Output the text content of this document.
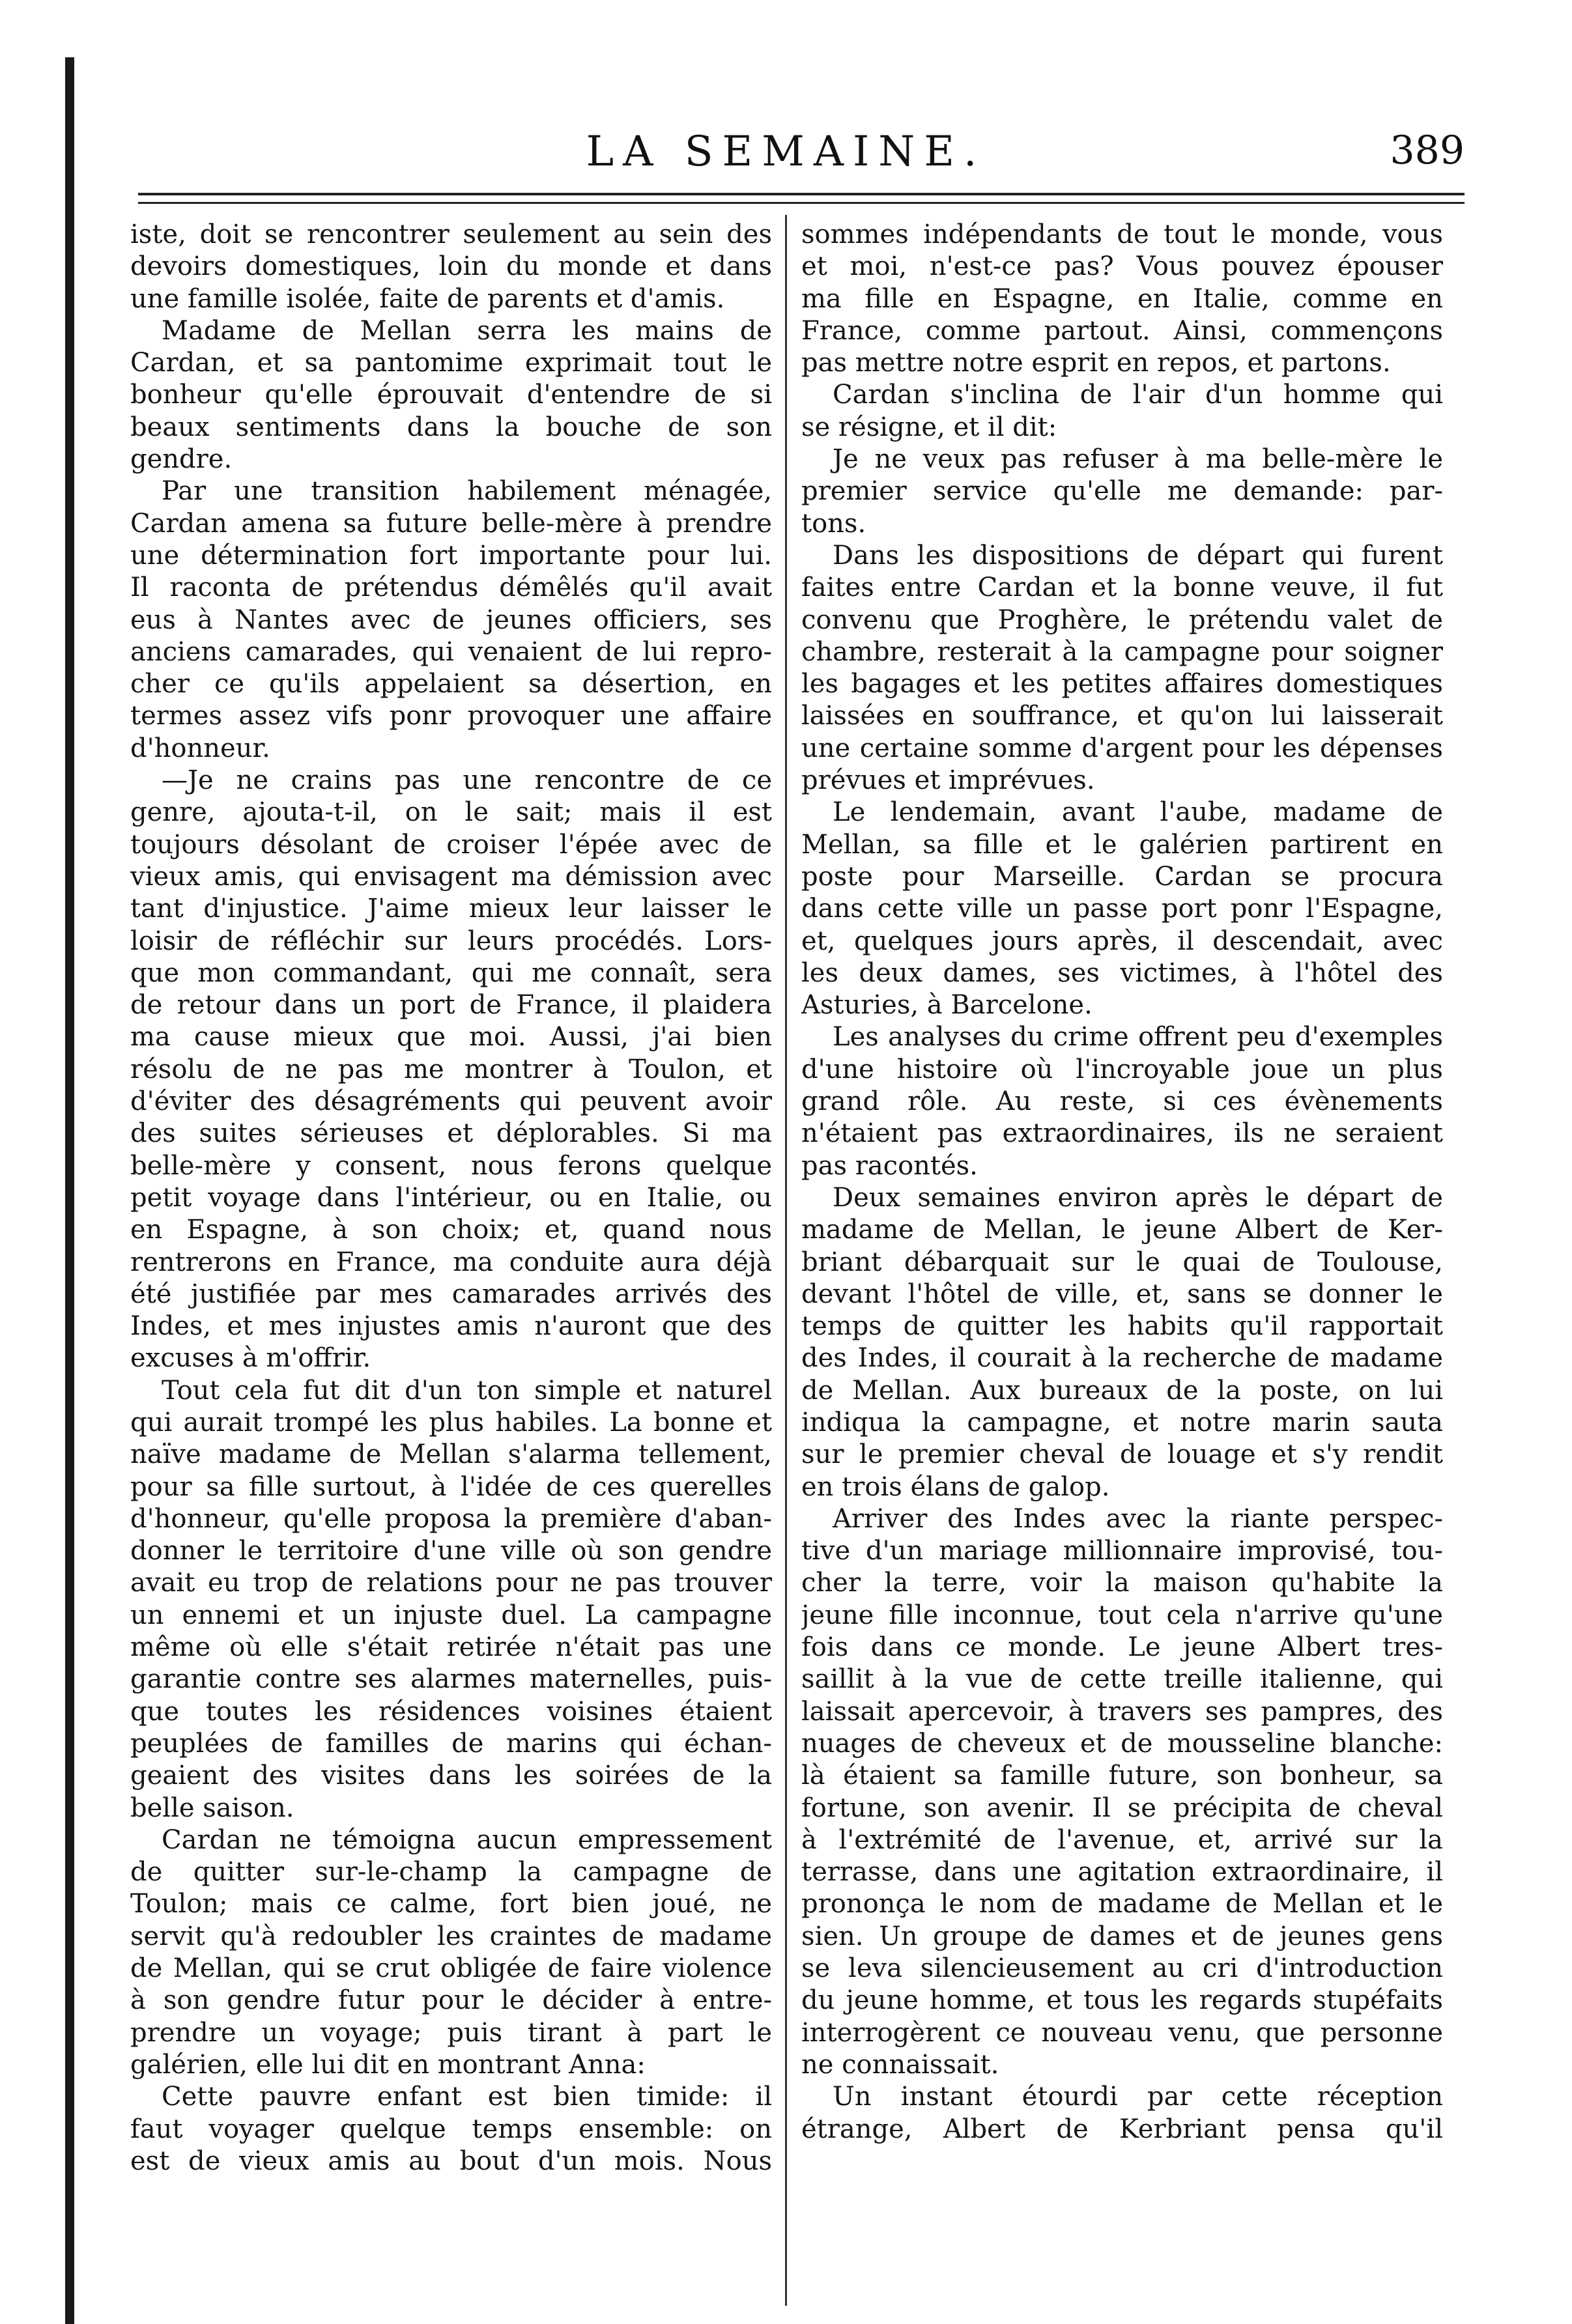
LA SEMAINE.	389

iste, doit se rencontrer seulement au sein des

devoirs domestiques, loin du monde et dans

une famille isolée, faite de parents et d'amis.

Madame de Mellan serra les mains de

Cardan, et sa pantomime exprimait tout le

bonheur qu'elle éprouvait d'entendre de si

beaux sentiments dans la bouche de son

gendre.

Par une transition habilement ménagée,

Cardan amena sa future belle-mère à prendre

une détermination fort importante pour lui.

Il raconta de prétendus démêlés qu'il avait

eus à Nantes avec de jeunes officiers, ses

anciens camarades, qui venaient de lui repro-

cher ce qu'ils appelaient sa désertion, en

termes assez vifs ponr provoquer une affaire

d'honneur.

—Je ne crains pas une rencontre de ce

genre, ajouta-t-il, on le sait; mais il est

toujours désolant de croiser l'épée avec de

vieux amis, qui envisagent ma démission avec

tant d'injustice. J'aime mieux leur laisser le

loisir de réfléchir sur leurs procédés. Lors-

que mon commandant, qui me connaît, sera

de retour dans un port de France, il plaidera

ma cause mieux que moi. Aussi, j'ai bien

résolu de ne pas me montrer à Toulon, et

d'éviter des désagréments qui peuvent avoir

des suites sérieuses et déplorables. Si ma

belle-mère y consent, nous ferons quelque

petit voyage dans l'intérieur, ou en Italie, ou

en Espagne, à son choix; et, quand nous

rentrerons en France, ma conduite aura déjà

été justifiée par mes camarades arrivés des

Indes, et mes injustes amis n'auront que des

excuses à m'offrir.

Tout cela fut dit d'un ton simple et naturel

qui aurait trompé les plus habiles. La bonne et

naïve madame de Mellan s'alarma tellement,

pour sa fille surtout, à l'idée de ces querelles

d'honneur, qu'elle proposa la première d'aban-

donner le territoire d'une ville où son gendre

avait eu trop de relations pour ne pas trouver

un ennemi et un injuste duel. La campagne

même où elle s'était retirée n'était pas une

garantie contre ses alarmes maternelles, puis-

que toutes les résidences voisines étaient

peuplées de familles de marins qui échan-

geaient des visites dans les soirées de la

belle saison.

Cardan ne témoigna aucun empressement

de quitter sur-le-champ la campagne de

Toulon; mais ce calme, fort bien joué, ne

servit qu'à redoubler les craintes de madame

de Mellan, qui se crut obligée de faire violence

à son gendre futur pour le décider à entre-

prendre un voyage; puis tirant à part le

galérien, elle lui dit en montrant Anna:

Cette pauvre enfant est bien timide: il

faut voyager quelque temps ensemble: on

est de vieux amis au bout d'un mois. Nous

sommes indépendants de tout le monde, vous

et moi, n'est-ce pas? Vous pouvez épouser

ma fille en Espagne, en Italie, comme en

France, comme partout. Ainsi, commençons

pas mettre notre esprit en repos, et partons.

Cardan s'inclina de l'air d'un homme qui

se résigne, et il dit:

Je ne veux pas refuser à ma belle-mère le

premier service qu'elle me demande: par-

tons.

Dans les dispositions de départ qui furent

faites entre Cardan et la bonne veuve, il fut

convenu que Proghère, le prétendu valet de

chambre, resterait à la campagne pour soigner

les bagages et les petites affaires domestiques

laissées en souffrance, et qu'on lui laisserait

une certaine somme d'argent pour les dépenses

prévues et imprévues.

Le lendemain, avant l'aube, madame de

Mellan, sa fille et le galérien partirent en

poste pour Marseille. Cardan se procura

dans cette ville un passe port ponr l'Espagne,

et, quelques jours après, il descendait, avec

les deux dames, ses victimes, à l'hôtel des

Asturies, à Barcelone.

Les analyses du crime offrent peu d'exemples

d'une histoire où l'incroyable joue un plus

grand rôle. Au reste, si ces évènements

n'étaient pas extraordinaires, ils ne seraient

pas racontés.

Deux semaines environ après le départ de

madame de Mellan, le jeune Albert de Ker-

briant débarquait sur le quai de Toulouse,

devant l'hôtel de ville, et, sans se donner le

temps de quitter les habits qu'il rapportait

des Indes, il courait à la recherche de madame

de Mellan. Aux bureaux de la poste, on lui

indiqua la campagne, et notre marin sauta

sur le premier cheval de louage et s'y rendit

en trois élans de galop.

Arriver des Indes avec la riante perspec-

tive d'un mariage millionnaire improvisé, tou-

cher la terre, voir la maison qu'habite la

jeune fille inconnue, tout cela n'arrive qu'une

fois dans ce monde. Le jeune Albert tres-

saillit à la vue de cette treille italienne, qui

laissait apercevoir, à travers ses pampres, des

nuages de cheveux et de mousseline blanche:

là étaient sa famille future, son bonheur, sa

fortune, son avenir. Il se précipita de cheval

à l'extrémité de l'avenue, et, arrivé sur la

terrasse, dans une agitation extraordinaire, il

prononça le nom de madame de Mellan et le

sien. Un groupe de dames et de jeunes gens

se leva silencieusement au cri d'introduction

du jeune homme, et tous les regards stupéfaits

interrogèrent ce nouveau venu, que personne

ne connaissait.

Un instant étourdi par cette réception

étrange, Albert de Kerbriant pensa qu'il
